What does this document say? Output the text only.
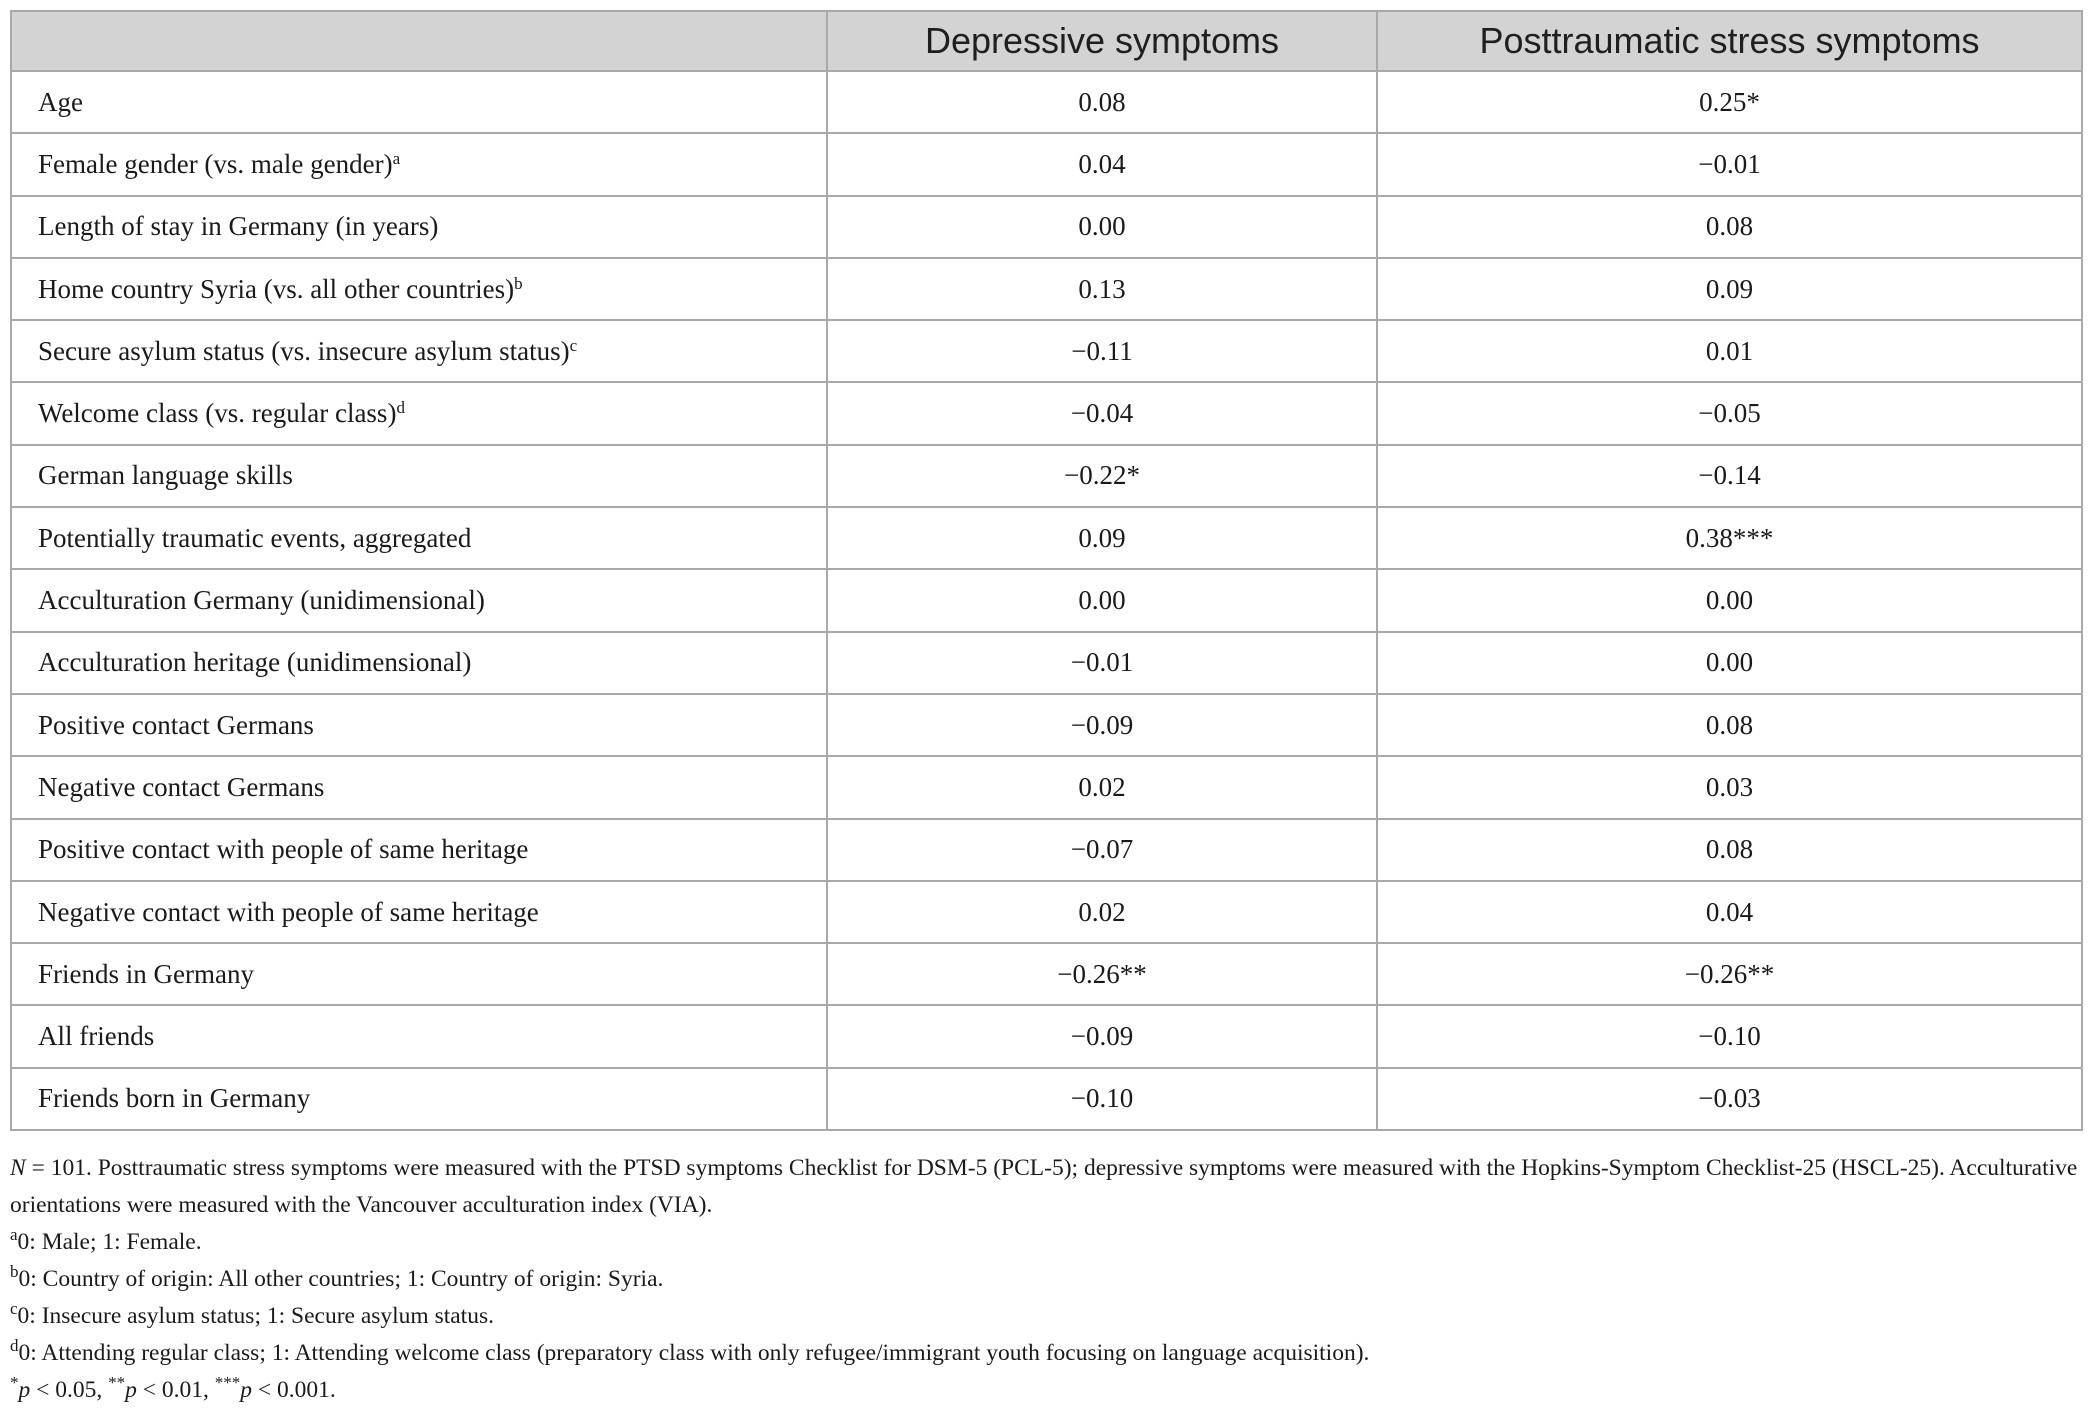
	Depressive symptoms	Posttraumatic stress symptoms
Age	0.08	0.25*
Female gender (vs. male gender)$^a$	0.04	−0.01
Length of stay in Germany (in years)	0.00	0.08
Home country Syria (vs. all other countries)$^b$	0.13	0.09
Secure asylum status (vs. insecure asylum status)$^c$	−0.11	0.01
Welcome class (vs. regular class)$^d$	−0.04	−0.05
German language skills	−0.22*	−0.14
Potentially traumatic events, aggregated	0.09	0.38***
Acculturation Germany (unidimensional)	0.00	0.00
Acculturation heritage (unidimensional)	−0.01	0.00
Positive contact Germans	−0.09	0.08
Negative contact Germans	0.02	0.03
Positive contact with people of same heritage	−0.07	0.08
Negative contact with people of same heritage	0.02	0.04
Friends in Germany	−0.26**	−0.26**
All friends	−0.09	−0.10
Friends born in Germany	−0.10	−0.03

N = 101. Posttraumatic stress symptoms were measured with the PTSD symptoms Checklist for DSM-5 (PCL-5); depressive symptoms were measured with the Hopkins-Symptom Checklist-25 (HSCL-25). Acculturative orientations were measured with the Vancouver acculturation index (VIA).

$^a$0: Male; 1: Female.

$^b$0: Country of origin: All other countries; 1: Country of origin: Syria.

$^c$0: Insecure asylum status; 1: Secure asylum status.

$^d$0: Attending regular class; 1: Attending welcome class (preparatory class with only refugee/immigrant youth focusing on language acquisition).

*p < 0.05, **p < 0.01, ***p < 0.001.
